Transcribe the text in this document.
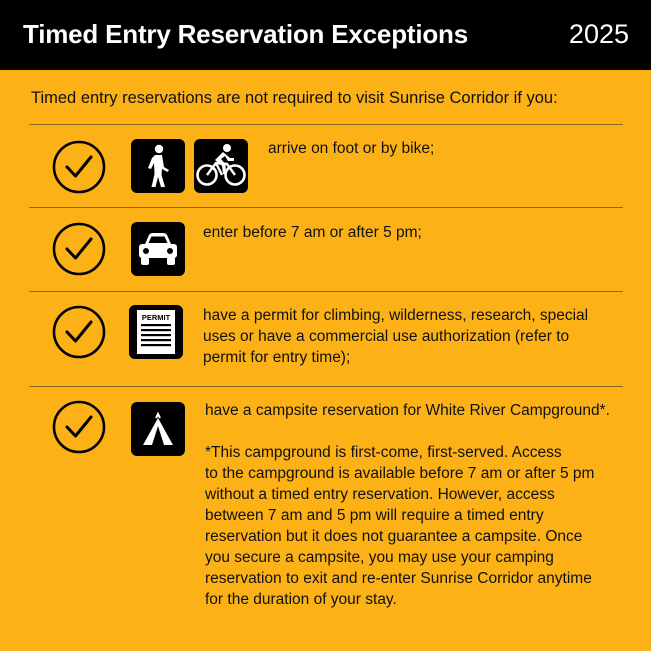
Timed Entry Reservation Exceptions	2025
Timed entry reservations are not required to visit Sunrise Corridor if you:
arrive on foot or by bike;
enter before 7 am or after 5 pm;
PERMIT have a permit for climbing, wilderness, research, special
uses or have a commercial use authorization (refer to
permit for entry time);
have a campsite reservation for White River Campground*.
*This campground is first-come, first-served. Access
to the campground is available before 7 am or after 5 pm
without a timed entry reservation. However, access
between 7 am and 5 pm will require a timed entry
reservation but it does not guarantee a campsite. Once
you secure a campsite, you may use your camping
reservation to exit and re-enter Sunrise Corridor anytime
for the duration of your stay.
